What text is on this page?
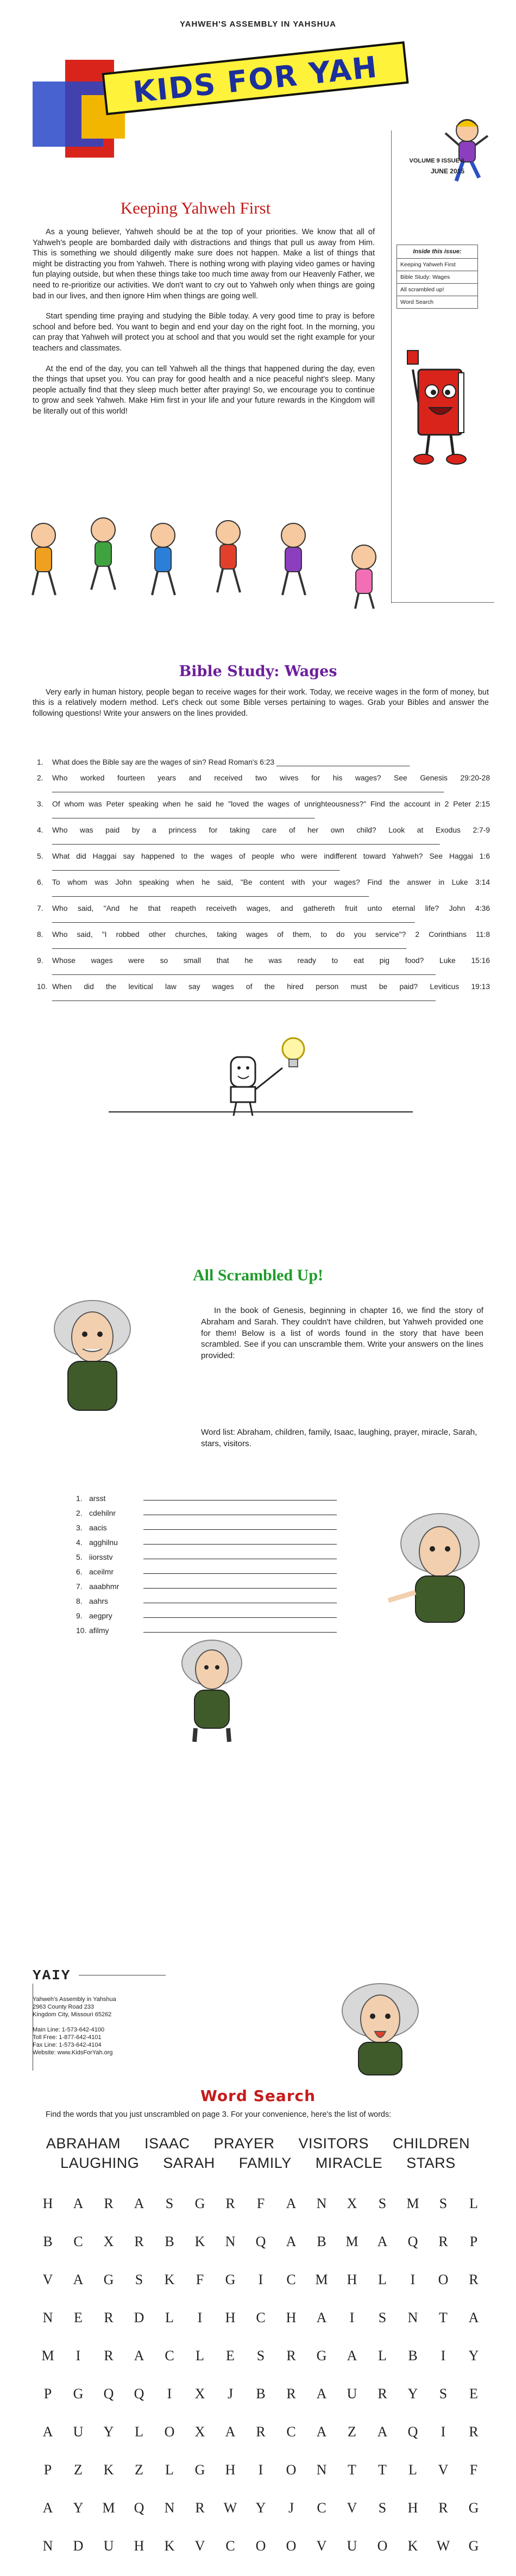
YAHWEH'S ASSEMBLY IN YAHSHUA
KIDS FOR YAH
VOLUME 9 ISSUE 6
JUNE 2015
Keeping Yahweh First

As a young believer, Yahweh should be at the top of your priorities. We know that all of Yahweh's people are bombarded daily with distractions and things that pull us away from Him. This is something we should diligently make sure does not happen. Make a list of things that might be distracting you from Yahweh. There is nothing wrong with playing video games or having fun playing outside, but when these things take too much time away from our Heavenly Father, we need to re-prioritize our activities. We don't want to cry out to Yahweh only when things are going bad in our lives, and then ignore Him when things are going well.

Start spending time praying and studying the Bible today. A very good time to pray is before school and before bed. You want to begin and end your day on the right foot. In the morning, you can pray that Yahweh will protect you at school and that you would set the right example for your teachers and classmates.

At the end of the day, you can tell Yahweh all the things that happened during the day, even the things that upset you. You can pray for good health and a nice peaceful night's sleep. Many people actually find that they sleep much better after praying! So, we encourage you to continue to grow and seek Yahweh. Make Him first in your life and your future rewards in the Kingdom will be literally out of this world!

Inside this issue:
Keeping Yahweh First
Bible Study: Wages
All scrambled up!
Word Search
Bible Study: Wages
Very early in human history, people began to receive wages for their work. Today, we receive wages in the form of money, but this is a relatively modern method. Let's check out some Bible verses pertaining to wages. Grab your Bibles and answer the following questions! Write your answers on the lines provided.
1. What does the Bible say are the wages of sin? Read Roman's 6:23 ________________________________
2. Who worked fourteen years and received two wives for his wages? See Genesis 29:20-28 ______________________________________________________________________________________________
3. Of whom was Peter speaking when he said he "loved the wages of unrighteousness?" Find the account in 2 Peter 2:15 _______________________________________________________________
4. Who was paid by a princess for taking care of her own child? Look at Exodus 2:7-9 _____________________________________________________________________________________________
5. What did Haggai say happened to the wages of people who were indifferent toward Yahweh? See Haggai 1:6 _____________________________________________________________________
6. To whom was John speaking when he said, "Be content with your wages? Find the answer in Luke 3:14 ____________________________________________________________________________
7. Who said, "And he that reapeth receiveth wages, and gathereth fruit unto eternal life? John 4:36 _______________________________________________________________________________________
8. Who said, "I robbed other churches, taking wages of them, to do you service"? 2 Corinthians 11:8 _____________________________________________________________________________________
9. Whose wages were so small that he was ready to eat pig food? Luke 15:16 ____________________________________________________________________________________________
10. When did the levitical law say wages of the hired person must be paid? Leviticus 19:13 ____________________________________________________________________________________________
All Scrambled Up!
In the book of Genesis, beginning in chapter 16, we find the story of Abraham and Sarah. They couldn't have children, but Yahweh provided one for them! Below is a list of words found in the story that have been scrambled. See if you can unscramble them. Write your answers on the lines provided:
Word list: Abraham, children, family, Isaac, laughing, prayer, miracle, Sarah, stars, visitors.
1. arsst
2. cdehilnr
3. aacis
4. agghilnu
5. iiorsstv
6. aceilmr
7. aaabhmr
8. aahrs
9. aegpry
10. afilmy
YAIY
Yahweh's Assembly in Yahshua
2963 County Road 233
Kingdom City, Missouri 65262
Main Line: 1-573-642-4100
Toll Free: 1-877-642-4101
Fax Line: 1-573-642-4104
Website: www.KidsForYah.org
Word Search
Find the words that you just unscrambled on page 3. For your convenience, here's the list of words:
ABRAHAM ISAAC PRAYER VISITORS CHILDREN
LAUGHING SARAH FAMILY MIRACLE STARS
H	A	R	A	S	G	R	F	A	N	X	S	M	S	L
B	C	X	R	B	K	N	Q	A	B	M	A	Q	R	P
V	A	G	S	K	F	G	I	C	M	H	L	I	O	R
N	E	R	D	L	I	H	C	H	A	I	S	N	T	A
M	I	R	A	C	L	E	S	R	G	A	L	B	I	Y
P	G	Q	Q	I	X	J	B	R	A	U	R	Y	S	E
A	U	Y	L	O	X	A	R	C	A	Z	A	Q	I	R
P	Z	K	Z	L	G	H	I	O	N	T	T	L	V	F
A	Y	M	Q	N	R	W	Y	J	C	V	S	H	R	G
N	D	U	H	K	V	C	O	O	V	U	O	K	W	G
